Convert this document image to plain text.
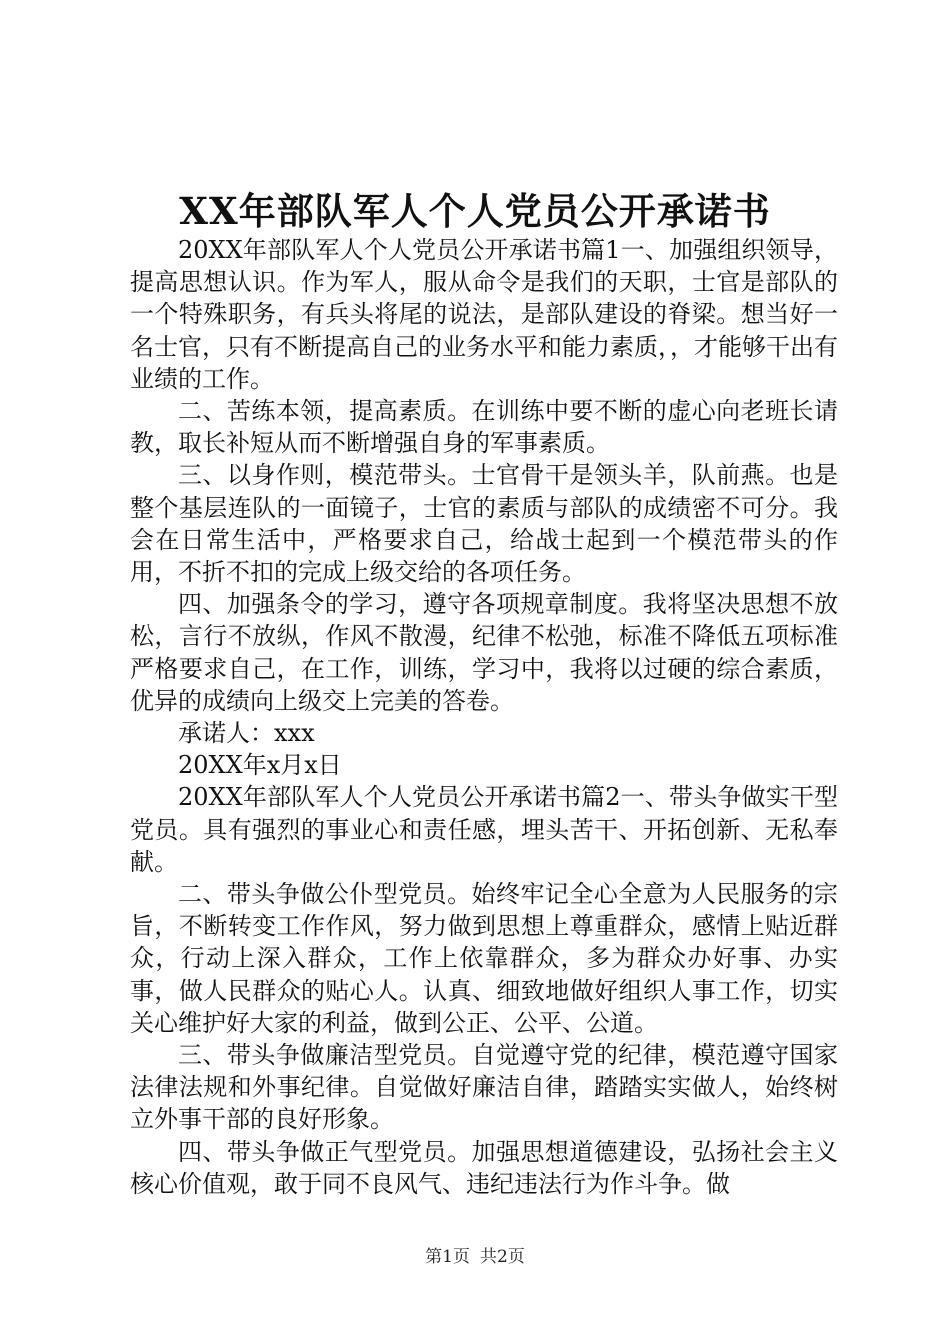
XX年部队军人个人党员公开承诺书

20XX年部队军人个人党员公开承诺书篇1一、加强组织领导，提高思想认识。作为军人，服从命令是我们的天职，士官是部队的一个特殊职务，有兵头将尾的说法，是部队建设的脊梁。想当好一名士官，只有不断提高自己的业务水平和能力素质，，才能够干出有业绩的工作。

二、苦练本领，提高素质。在训练中要不断的虚心向老班长请教，取长补短从而不断增强自身的军事素质。

三、以身作则，模范带头。士官骨干是领头羊，队前燕。也是整个基层连队的一面镜子，士官的素质与部队的成绩密不可分。我会在日常生活中，严格要求自己，给战士起到一个模范带头的作用，不折不扣的完成上级交给的各项任务。

四、加强条令的学习，遵守各项规章制度。我将坚决思想不放松，言行不放纵，作风不散漫，纪律不松弛，标准不降低五项标准严格要求自己，在工作，训练，学习中，我将以过硬的综合素质，优异的成绩向上级交上完美的答卷。

承诺人：xxx

20XX年x月x日

20XX年部队军人个人党员公开承诺书篇2一、带头争做实干型党员。具有强烈的事业心和责任感，埋头苦干、开拓创新、无私奉献。

二、带头争做公仆型党员。始终牢记全心全意为人民服务的宗旨，不断转变工作作风，努力做到思想上尊重群众，感情上贴近群众，行动上深入群众，工作上依靠群众，多为群众办好事、办实事，做人民群众的贴心人。认真、细致地做好组织人事工作，切实关心维护好大家的利益，做到公正、公平、公道。

三、带头争做廉洁型党员。自觉遵守党的纪律，模范遵守国家法律法规和外事纪律。自觉做好廉洁自律，踏踏实实做人，始终树立外事干部的良好形象。

四、带头争做正气型党员。加强思想道德建设，弘扬社会主义核心价值观，敢于同不良风气、违纪违法行为作斗争。做

第1页 共2页
